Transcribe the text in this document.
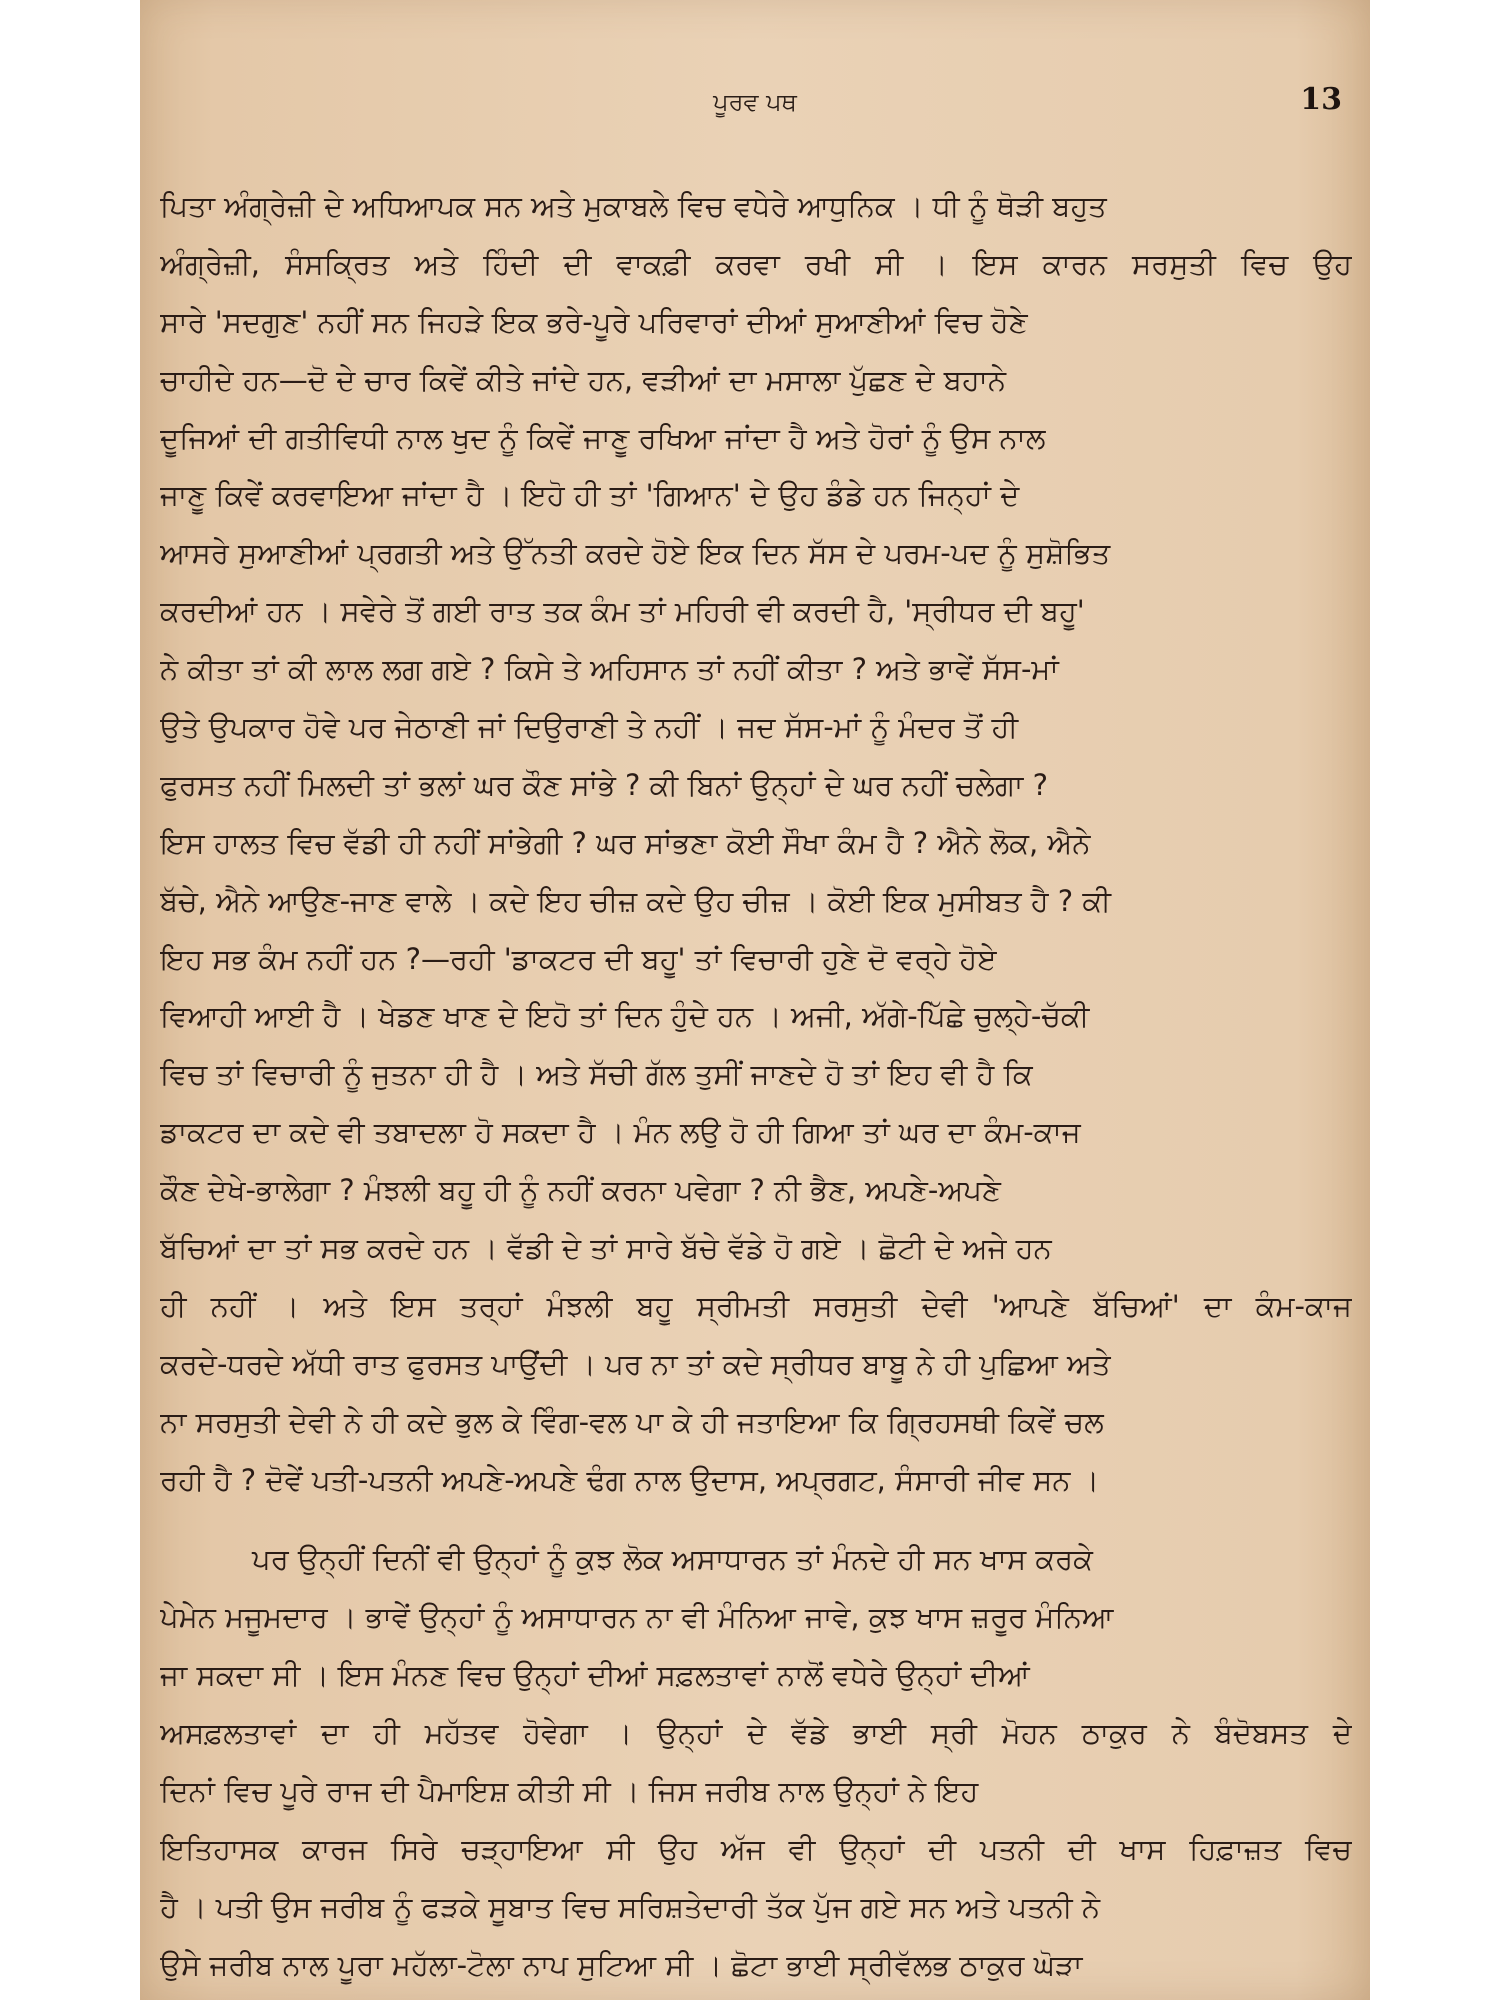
ਪੂਰਵ ਪਥ	13
ਪਿਤਾ ਅੰਗ੍ਰੇਜ਼ੀ ਦੇ ਅਧਿਆਪਕ ਸਨ ਅਤੇ ਮੁਕਾਬਲੇ ਵਿਚ ਵਧੇਰੇ ਆਧੁਨਿਕ । ਧੀ ਨੂੰ ਥੋੜੀ ਬਹੁਤ
ਅੰਗ੍ਰੇਜ਼ੀ, ਸੰਸਕ੍ਰਿਤ ਅਤੇ ਹਿੰਦੀ ਦੀ ਵਾਕਫ਼ੀ ਕਰਵਾ ਰਖੀ ਸੀ । ਇਸ ਕਾਰਨ ਸਰਸੁਤੀ ਵਿਚ ਉਹ
ਸਾਰੇ 'ਸਦਗੁਣ' ਨਹੀਂ ਸਨ ਜਿਹੜੇ ਇਕ ਭਰੇ-ਪੂਰੇ ਪਰਿਵਾਰਾਂ ਦੀਆਂ ਸੁਆਣੀਆਂ ਵਿਚ ਹੋਣੇ
ਚਾਹੀਦੇ ਹਨ—ਦੋ ਦੇ ਚਾਰ ਕਿਵੇਂ ਕੀਤੇ ਜਾਂਦੇ ਹਨ, ਵੜੀਆਂ ਦਾ ਮਸਾਲਾ ਪੁੱਛਣ ਦੇ ਬਹਾਨੇ
ਦੂਜਿਆਂ ਦੀ ਗਤੀਵਿਧੀ ਨਾਲ ਖੁਦ ਨੂੰ ਕਿਵੇਂ ਜਾਣੂ ਰਖਿਆ ਜਾਂਦਾ ਹੈ ਅਤੇ ਹੋਰਾਂ ਨੂੰ ਉਸ ਨਾਲ
ਜਾਣੂ ਕਿਵੇਂ ਕਰਵਾਇਆ ਜਾਂਦਾ ਹੈ । ਇਹੋ ਹੀ ਤਾਂ 'ਗਿਆਨ' ਦੇ ਉਹ ਡੰਡੇ ਹਨ ਜਿਨ੍ਹਾਂ ਦੇ
ਆਸਰੇ ਸੁਆਣੀਆਂ ਪ੍ਰਗਤੀ ਅਤੇ ਉੱਨਤੀ ਕਰਦੇ ਹੋਏ ਇਕ ਦਿਨ ਸੱਸ ਦੇ ਪਰਮ-ਪਦ ਨੂੰ ਸੁਸ਼ੋਭਿਤ
ਕਰਦੀਆਂ ਹਨ । ਸਵੇਰੇ ਤੋਂ ਗਈ ਰਾਤ ਤਕ ਕੰਮ ਤਾਂ ਮਹਿਰੀ ਵੀ ਕਰਦੀ ਹੈ, 'ਸ੍ਰੀਧਰ ਦੀ ਬਹੂ'
ਨੇ ਕੀਤਾ ਤਾਂ ਕੀ ਲਾਲ ਲਗ ਗਏ ? ਕਿਸੇ ਤੇ ਅਹਿਸਾਨ ਤਾਂ ਨਹੀਂ ਕੀਤਾ ? ਅਤੇ ਭਾਵੇਂ ਸੱਸ-ਮਾਂ
ਉਤੇ ਉਪਕਾਰ ਹੋਵੇ ਪਰ ਜੇਠਾਣੀ ਜਾਂ ਦਿਉਰਾਣੀ ਤੇ ਨਹੀਂ । ਜਦ ਸੱਸ-ਮਾਂ ਨੂੰ ਮੰਦਰ ਤੋਂ ਹੀ
ਫੁਰਸਤ ਨਹੀਂ ਮਿਲਦੀ ਤਾਂ ਭਲਾਂ ਘਰ ਕੌਣ ਸਾਂਭੇ ? ਕੀ ਬਿਨਾਂ ਉਨ੍ਹਾਂ ਦੇ ਘਰ ਨਹੀਂ ਚਲੇਗਾ ?
ਇਸ ਹਾਲਤ ਵਿਚ ਵੱਡੀ ਹੀ ਨਹੀਂ ਸਾਂਭੇਗੀ ? ਘਰ ਸਾਂਭਣਾ ਕੋਈ ਸੌਖਾ ਕੰਮ ਹੈ ? ਐਨੇ ਲੋਕ, ਐਨੇ
ਬੱਚੇ, ਐਨੇ ਆਉਣ-ਜਾਣ ਵਾਲੇ । ਕਦੇ ਇਹ ਚੀਜ਼ ਕਦੇ ਉਹ ਚੀਜ਼ । ਕੋਈ ਇਕ ਮੁਸੀਬਤ ਹੈ ? ਕੀ
ਇਹ ਸਭ ਕੰਮ ਨਹੀਂ ਹਨ ?—ਰਹੀ 'ਡਾਕਟਰ ਦੀ ਬਹੂ' ਤਾਂ ਵਿਚਾਰੀ ਹੁਣੇ ਦੋ ਵਰ੍ਹੇ ਹੋਏ
ਵਿਆਹੀ ਆਈ ਹੈ । ਖੇਡਣ ਖਾਣ ਦੇ ਇਹੋ ਤਾਂ ਦਿਨ ਹੁੰਦੇ ਹਨ । ਅਜੀ, ਅੱਗੇ-ਪਿੱਛੇ ਚੁਲ੍ਹੇ-ਚੱਕੀ
ਵਿਚ ਤਾਂ ਵਿਚਾਰੀ ਨੂੰ ਜੁਤਨਾ ਹੀ ਹੈ । ਅਤੇ ਸੱਚੀ ਗੱਲ ਤੁਸੀਂ ਜਾਣਦੇ ਹੋ ਤਾਂ ਇਹ ਵੀ ਹੈ ਕਿ
ਡਾਕਟਰ ਦਾ ਕਦੇ ਵੀ ਤਬਾਦਲਾ ਹੋ ਸਕਦਾ ਹੈ । ਮੰਨ ਲਉ ਹੋ ਹੀ ਗਿਆ ਤਾਂ ਘਰ ਦਾ ਕੰਮ-ਕਾਜ
ਕੌਣ ਦੇਖੇ-ਭਾਲੇਗਾ ? ਮੰਝਲੀ ਬਹੂ ਹੀ ਨੂੰ ਨਹੀਂ ਕਰਨਾ ਪਵੇਗਾ ? ਨੀ ਭੈਣ, ਅਪਣੇ-ਅਪਣੇ
ਬੱਚਿਆਂ ਦਾ ਤਾਂ ਸਭ ਕਰਦੇ ਹਨ । ਵੱਡੀ ਦੇ ਤਾਂ ਸਾਰੇ ਬੱਚੇ ਵੱਡੇ ਹੋ ਗਏ । ਛੋਟੀ ਦੇ ਅਜੇ ਹਨ
ਹੀ ਨਹੀਂ । ਅਤੇ ਇਸ ਤਰ੍ਹਾਂ ਮੰਝਲੀ ਬਹੂ ਸ੍ਰੀਮਤੀ ਸਰਸੁਤੀ ਦੇਵੀ 'ਆਪਣੇ ਬੱਚਿਆਂ' ਦਾ ਕੰਮ-ਕਾਜ
ਕਰਦੇ-ਧਰਦੇ ਅੱਧੀ ਰਾਤ ਫੁਰਸਤ ਪਾਉਂਦੀ । ਪਰ ਨਾ ਤਾਂ ਕਦੇ ਸ੍ਰੀਧਰ ਬਾਬੂ ਨੇ ਹੀ ਪੁਛਿਆ ਅਤੇ
ਨਾ ਸਰਸੁਤੀ ਦੇਵੀ ਨੇ ਹੀ ਕਦੇ ਭੁਲ ਕੇ ਵਿੰਗ-ਵਲ ਪਾ ਕੇ ਹੀ ਜਤਾਇਆ ਕਿ ਗ੍ਰਿਹਸਥੀ ਕਿਵੇਂ ਚਲ
ਰਹੀ ਹੈ ? ਦੋਵੇਂ ਪਤੀ-ਪਤਨੀ ਅਪਣੇ-ਅਪਣੇ ਢੰਗ ਨਾਲ ਉਦਾਸ, ਅਪ੍ਰਗਟ, ਸੰਸਾਰੀ ਜੀਵ ਸਨ ।
ਪਰ ਉਨ੍ਹੀਂ ਦਿਨੀਂ ਵੀ ਉਨ੍ਹਾਂ ਨੂੰ ਕੁਝ ਲੋਕ ਅਸਾਧਾਰਨ ਤਾਂ ਮੰਨਦੇ ਹੀ ਸਨ ਖਾਸ ਕਰਕੇ
ਪੇਮੇਨ ਮਜੂਮਦਾਰ । ਭਾਵੇਂ ਉਨ੍ਹਾਂ ਨੂੰ ਅਸਾਧਾਰਨ ਨਾ ਵੀ ਮੰਨਿਆ ਜਾਵੇ, ਕੁਝ ਖਾਸ ਜ਼ਰੂਰ ਮੰਨਿਆ
ਜਾ ਸਕਦਾ ਸੀ । ਇਸ ਮੰਨਣ ਵਿਚ ਉਨ੍ਹਾਂ ਦੀਆਂ ਸਫ਼ਲਤਾਵਾਂ ਨਾਲੋਂ ਵਧੇਰੇ ਉਨ੍ਹਾਂ ਦੀਆਂ
ਅਸਫ਼ਲਤਾਵਾਂ ਦਾ ਹੀ ਮਹੱਤਵ ਹੋਵੇਗਾ । ਉਨ੍ਹਾਂ ਦੇ ਵੱਡੇ ਭਾਈ ਸ੍ਰੀ ਮੋਹਨ ਠਾਕੁਰ ਨੇ ਬੰਦੋਬਸਤ ਦੇ
ਦਿਨਾਂ ਵਿਚ ਪੂਰੇ ਰਾਜ ਦੀ ਪੈਮਾਇਸ਼ ਕੀਤੀ ਸੀ । ਜਿਸ ਜਰੀਬ ਨਾਲ ਉਨ੍ਹਾਂ ਨੇ ਇਹ
ਇਤਿਹਾਸਕ ਕਾਰਜ ਸਿਰੇ ਚੜ੍ਹਾਇਆ ਸੀ ਉਹ ਅੱਜ ਵੀ ਉਨ੍ਹਾਂ ਦੀ ਪਤਨੀ ਦੀ ਖਾਸ ਹਿਫ਼ਾਜ਼ਤ ਵਿਚ
ਹੈ । ਪਤੀ ਉਸ ਜਰੀਬ ਨੂੰ ਫੜਕੇ ਸੂਬਾਤ ਵਿਚ ਸਰਿਸ਼ਤੇਦਾਰੀ ਤੱਕ ਪੁੱਜ ਗਏ ਸਨ ਅਤੇ ਪਤਨੀ ਨੇ
ਉਸੇ ਜਰੀਬ ਨਾਲ ਪੂਰਾ ਮਹੱਲਾ-ਟੋਲਾ ਨਾਪ ਸੁਟਿਆ ਸੀ । ਛੋਟਾ ਭਾਈ ਸ੍ਰੀਵੱਲਭ ਠਾਕੁਰ ਘੋੜਾ
